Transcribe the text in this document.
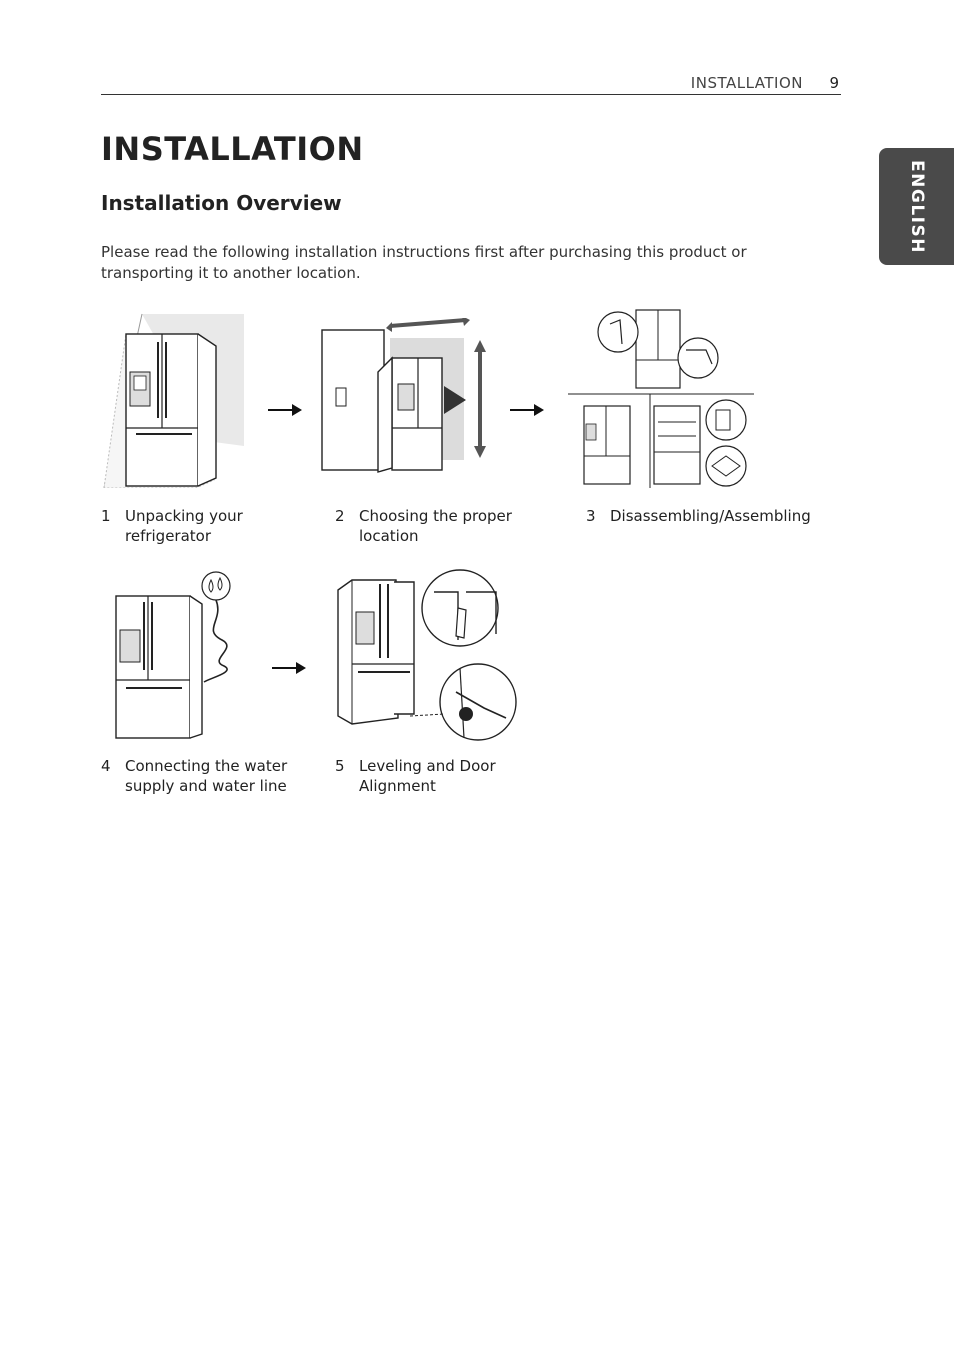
INSTALLATION 9
ENGLISH
INSTALLATION
Installation Overview

Please read the following installation instructions first after purchasing this product or transporting it to another location.

1 Unpacking your
refrigerator
2 Choosing the proper
location
3 Disassembling/Assembling
4 Connecting the water
supply and water line
5 Leveling and Door
Alignment
